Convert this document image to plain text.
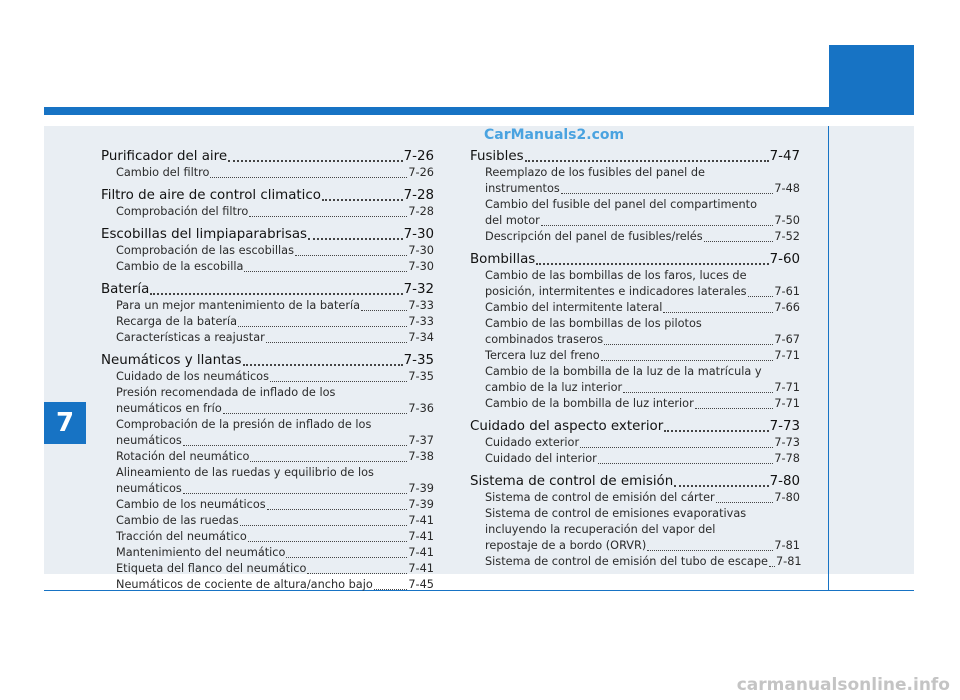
7
CarManuals2.com
carmanualsonline.info
Purificador del aire	7-26
Cambio del filtro	7-26
Filtro de aire de control climatico	7-28
Comprobación del filtro	7-28
Escobillas del limpiaparabrisas	7-30
Comprobación de las escobillas	7-30
Cambio de la escobilla	7-30
Batería	7-32
Para un mejor mantenimiento de la batería	7-33
Recarga de la batería	7-33
Características a reajustar	7-34
Neumáticos y llantas	7-35
Cuidado de los neumáticos	7-35
Presión recomendada de inflado de los
neumáticos en frío	7-36
Comprobación de la presión de inflado de los
neumáticos	7-37
Rotación del neumático	7-38
Alineamiento de las ruedas y equilibrio de los
neumáticos	7-39
Cambio de los neumáticos	7-39
Cambio de las ruedas	7-41
Tracción del neumático	7-41
Mantenimiento del neumático	7-41
Etiqueta del flanco del neumático	7-41
Neumáticos de cociente de altura/ancho bajo	7-45
Fusibles	7-47
Reemplazo de los fusibles del panel de
instrumentos	7-48
Cambio del fusible del panel del compartimento
del motor	7-50
Descripción del panel de fusibles/relés	7-52
Bombillas	7-60
Cambio de las bombillas de los faros, luces de
posición, intermitentes e indicadores laterales 7-61
Cambio del intermitente lateral	7-66
Cambio de las bombillas de los pilotos
combinados traseros	7-67
Tercera luz del freno	7-71
Cambio de la bombilla de la luz de la matrícula y
cambio de la luz interior	7-71
Cambio de la bombilla de luz interior	7-71
Cuidado del aspecto exterior	7-73
Cuidado exterior	7-73
Cuidado del interior	7-78
Sistema de control de emisión	7-80
Sistema de control de emisión del cárter	7-80
Sistema de control de emisiones evaporativas
incluyendo la recuperación del vapor del
repostaje de a bordo (ORVR)	7-81
Sistema de control de emisión del tubo de escape 7-81
